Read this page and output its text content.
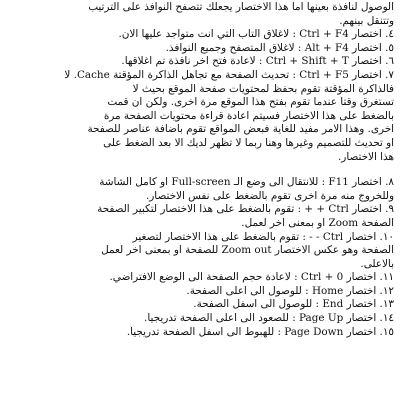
الوصول لنافذة بعينها اما هذا الاختصار يجعلك تتصفح النوافذ على الترتيب
وتتنقل بينهم.
٤. اختصار Ctrl + F4 : لاغلاق التاب التي انت متواجد عليها الان.
٥. اختصار Alt + F4 : لاغلاق المتصفح وجميع النوافذ.
٦. اختصار Ctrl + Shift + T : لاعادة فتح اخر نافذة تم اغلاقها.
٧. اختصار Ctrl + F5 : تحديث الصفحة مع تجاهل الذاكرة المؤقتة Cache. لا
فالذاكرة المؤقتة تقوم بحفظ لمحتويات صفحة الموقع بحيث لا
تستغرق وقتاً عندما تقوم بفتح هذا الموقع مرة اخرى. ولكن ان قمت
بالضغط على هذا الاختصار فسيتم اعادة قراءة محتويات الصفحة مرة
اخرى. وهذا الامر مفيد للغاية فبعض المواقع تقوم باضافة عناصر للصفحة
او تحديث للتصميم وغيرها وهنا ربما لا تظهر لديك الا بعد الضغط على
هذا الاختصار.
٨. اختصار F11 : للانتقال الى وضع الـ Full-screen او كامل الشاشة
وللخروج منه مرة اخرى تقوم بالضغط على نفس الاختصار.
٩. اختصار Ctrl + + : تقوم بالضغط على هذا الاختصار لتكبير الصفحة
الصفحة Zoom او بمعنى اخر لعمل.
١٠. اختصار Ctrl - - : تقوم بالضغط على هذا الاختصار لتصغير
الصفحة وهو عكس الاختصار Zoom out للصفحة او بمعنى اخر لعمل
بالاعلى.
١١. اختصار Ctrl + 0 : لاعادة حجم الصفحة الى الوضع الافتراضي.
١٢. اختصار Home : للوصول الى اعلى الصفحة.
١٣. اختصار End : للوصول الى اسفل الصفحة.
١٤. اختصار Page Up : للصعود الى اعلى الصفحة تدريجياً.
١٥. اختصار Page Down : للهبوط الى اسفل الصفحة تدريجياً.
